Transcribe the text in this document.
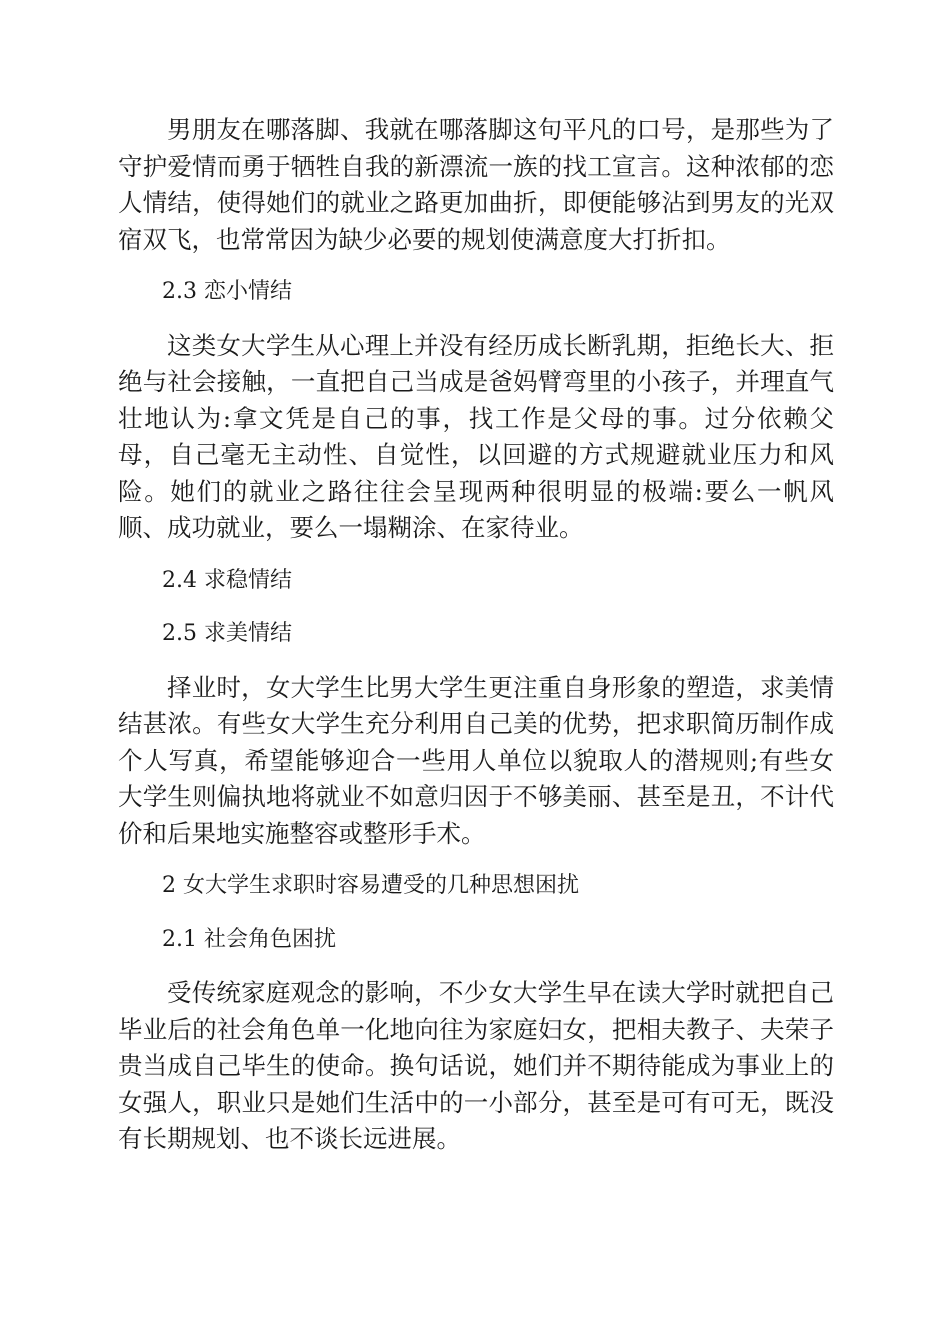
男朋友在哪落脚、我就在哪落脚这句平凡的口号，是那些为了守护爱情而勇于牺牲自我的新漂流一族的找工宣言。这种浓郁的恋人情结，使得她们的就业之路更加曲折，即便能够沾到男友的光双宿双飞，也常常因为缺少必要的规划使满意度大打折扣。

2.3 恋小情结

这类女大学生从心理上并没有经历成长断乳期，拒绝长大、拒绝与社会接触，一直把自己当成是爸妈臂弯里的小孩子，并理直气壮地认为:拿文凭是自己的事，找工作是父母的事。过分依赖父母，自己毫无主动性、自觉性，以回避的方式规避就业压力和风险。她们的就业之路往往会呈现两种很明显的极端:要么一帆风顺、成功就业，要么一塌糊涂、在家待业。

2.4 求稳情结

2.5 求美情结

择业时，女大学生比男大学生更注重自身形象的塑造，求美情结甚浓。有些女大学生充分利用自己美的优势，把求职简历制作成个人写真，希望能够迎合一些用人单位以貌取人的潜规则;有些女大学生则偏执地将就业不如意归因于不够美丽、甚至是丑，不计代价和后果地实施整容或整形手术。

2 女大学生求职时容易遭受的几种思想困扰

2.1 社会角色困扰

受传统家庭观念的影响，不少女大学生早在读大学时就把自己毕业后的社会角色单一化地向往为家庭妇女，把相夫教子、夫荣子贵当成自己毕生的使命。换句话说，她们并不期待能成为事业上的女强人，职业只是她们生活中的一小部分，甚至是可有可无，既没有长期规划、也不谈长远进展。
